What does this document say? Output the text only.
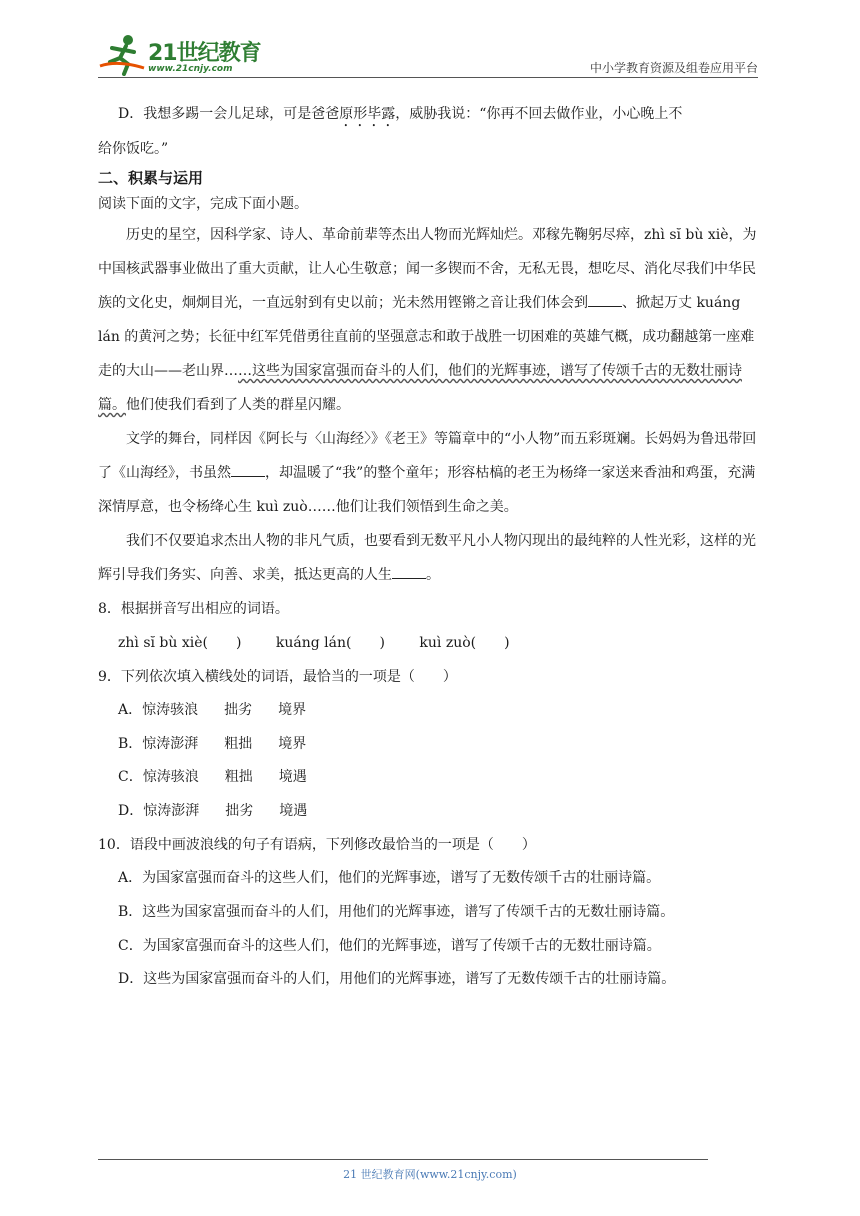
21世纪教育
www.21cnjy.com	中小学教育资源及组卷应用平台

D．我想多踢一会儿足球，可是爸爸原形毕露，威胁我说：“你再不回去做作业，小心晚上不

给你饭吃。”

二、积累与运用

阅读下面的文字，完成下面小题。

历史的星空，因科学家、诗人、革命前辈等杰出人物而光辉灿烂。邓稼先鞠躬尽瘁，zhì sĭ bù xiè，为中国核武器事业做出了重大贡献，让人心生敬意；闻一多锲而不舍，无私无畏，想吃尽、消化尽我们中华民族的文化史，炯炯目光，一直远射到有史以前；光未然用铿锵之音让我们体会到 、掀起万丈 kuáng lán 的黄河之势；长征中红军凭借勇往直前的坚强意志和敢于战胜一切困难的英雄气概，成功翻越第一座难走的大山——老山界……这些为国家富强而奋斗的人们，他们的光辉事迹，谱写了传颂千古的无数壮丽诗篇。他们使我们看到了人类的群星闪耀。

文学的舞台，同样因《阿长与〈山海经〉》《老王》等篇章中的“小人物”而五彩斑斓。长妈妈为鲁迅带回了《山海经》，书虽然 ，却温暖了“我”的整个童年；形容枯槁的老王为杨绛一家送来香油和鸡蛋，充满深情厚意，也令杨绛心生 kuì zuò……他们让我们领悟到生命之美。

我们不仅要追求杰出人物的非凡气质，也要看到无数平凡小人物闪现出的最纯粹的人性光彩，这样的光辉引导我们务实、向善、求美，抵达更高的人生 。

8．根据拼音写出相应的词语。

zhì sĭ bù xiè(　　) kuáng lán(　　) kuì zuò(　　)

9．下列依次填入横线处的词语，最恰当的一项是（　　）

A．惊涛骇浪 拙劣 境界

B．惊涛澎湃 粗拙 境界

C．惊涛骇浪 粗拙 境遇

D．惊涛澎湃 拙劣 境遇

10．语段中画波浪线的句子有语病，下列修改最恰当的一项是（　　）

A．为国家富强而奋斗的这些人们，他们的光辉事迹，谱写了无数传颂千古的壮丽诗篇。

B．这些为国家富强而奋斗的人们，用他们的光辉事迹，谱写了传颂千古的无数壮丽诗篇。

C．为国家富强而奋斗的这些人们，他们的光辉事迹，谱写了传颂千古的无数壮丽诗篇。

D．这些为国家富强而奋斗的人们，用他们的光辉事迹，谱写了无数传颂千古的壮丽诗篇。

21 世纪教育网(www.21cnjy.com)
